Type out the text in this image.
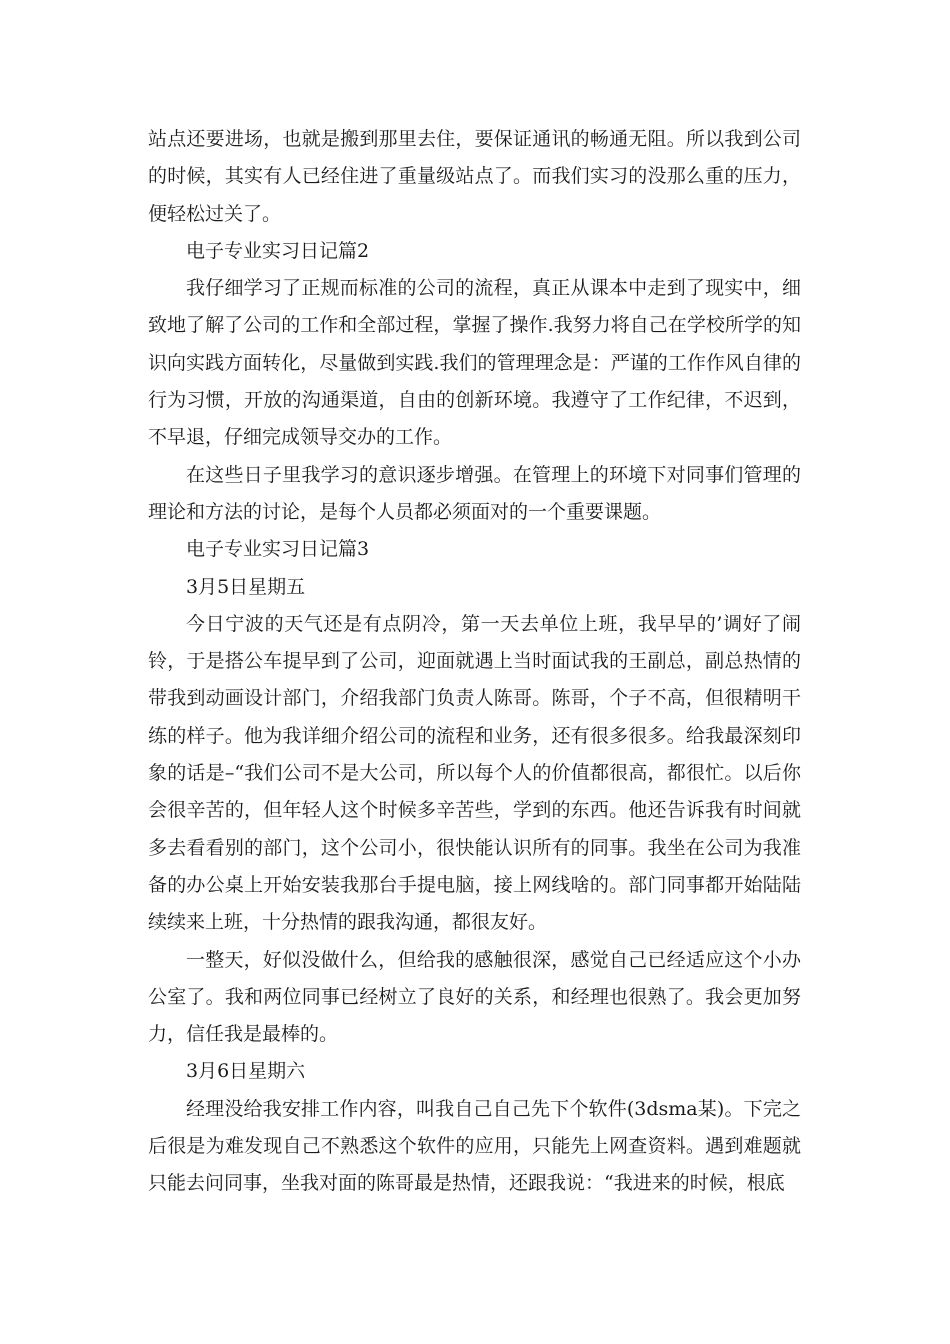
站点还要进场，也就是搬到那里去住，要保证通讯的畅通无阻。所以我到公司的时候，其实有人已经住进了重量级站点了。而我们实习的没那么重的压力，便轻松过关了。

电子专业实习日记篇2

我仔细学习了正规而标准的公司的流程，真正从课本中走到了现实中，细致地了解了公司的工作和全部过程，掌握了操作.我努力将自己在学校所学的知识向实践方面转化，尽量做到实践.我们的管理理念是：严谨的工作作风自律的行为习惯，开放的沟通渠道，自由的创新环境。我遵守了工作纪律，不迟到，不早退，仔细完成领导交办的工作。

在这些日子里我学习的意识逐步增强。在管理上的环境下对同事们管理的理论和方法的讨论，是每个人员都必须面对的一个重要课题。

电子专业实习日记篇3

3月5日星期五

今日宁波的天气还是有点阴冷，第一天去单位上班，我早早的’调好了闹铃，于是搭公车提早到了公司，迎面就遇上当时面试我的王副总，副总热情的带我到动画设计部门，介绍我部门负责人陈哥。陈哥，个子不高，但很精明干练的样子。他为我详细介绍公司的流程和业务，还有很多很多。给我最深刻印象的话是–“我们公司不是大公司，所以每个人的价值都很高，都很忙。以后你会很辛苦的，但年轻人这个时候多辛苦些，学到的东西。他还告诉我有时间就多去看看别的部门，这个公司小，很快能认识所有的同事。我坐在公司为我准备的办公桌上开始安装我那台手提电脑，接上网线啥的。部门同事都开始陆陆续续来上班，十分热情的跟我沟通，都很友好。

一整天，好似没做什么，但给我的感触很深，感觉自己已经适应这个小办公室了。我和两位同事已经树立了良好的关系，和经理也很熟了。我会更加努力，信任我是最棒的。

3月6日星期六

经理没给我安排工作内容，叫我自己自己先下个软件(3dsma某)。下完之后很是为难发现自己不熟悉这个软件的应用，只能先上网查资料。遇到难题就只能去问同事，坐我对面的陈哥最是热情，还跟我说：“我进来的时候，根底
